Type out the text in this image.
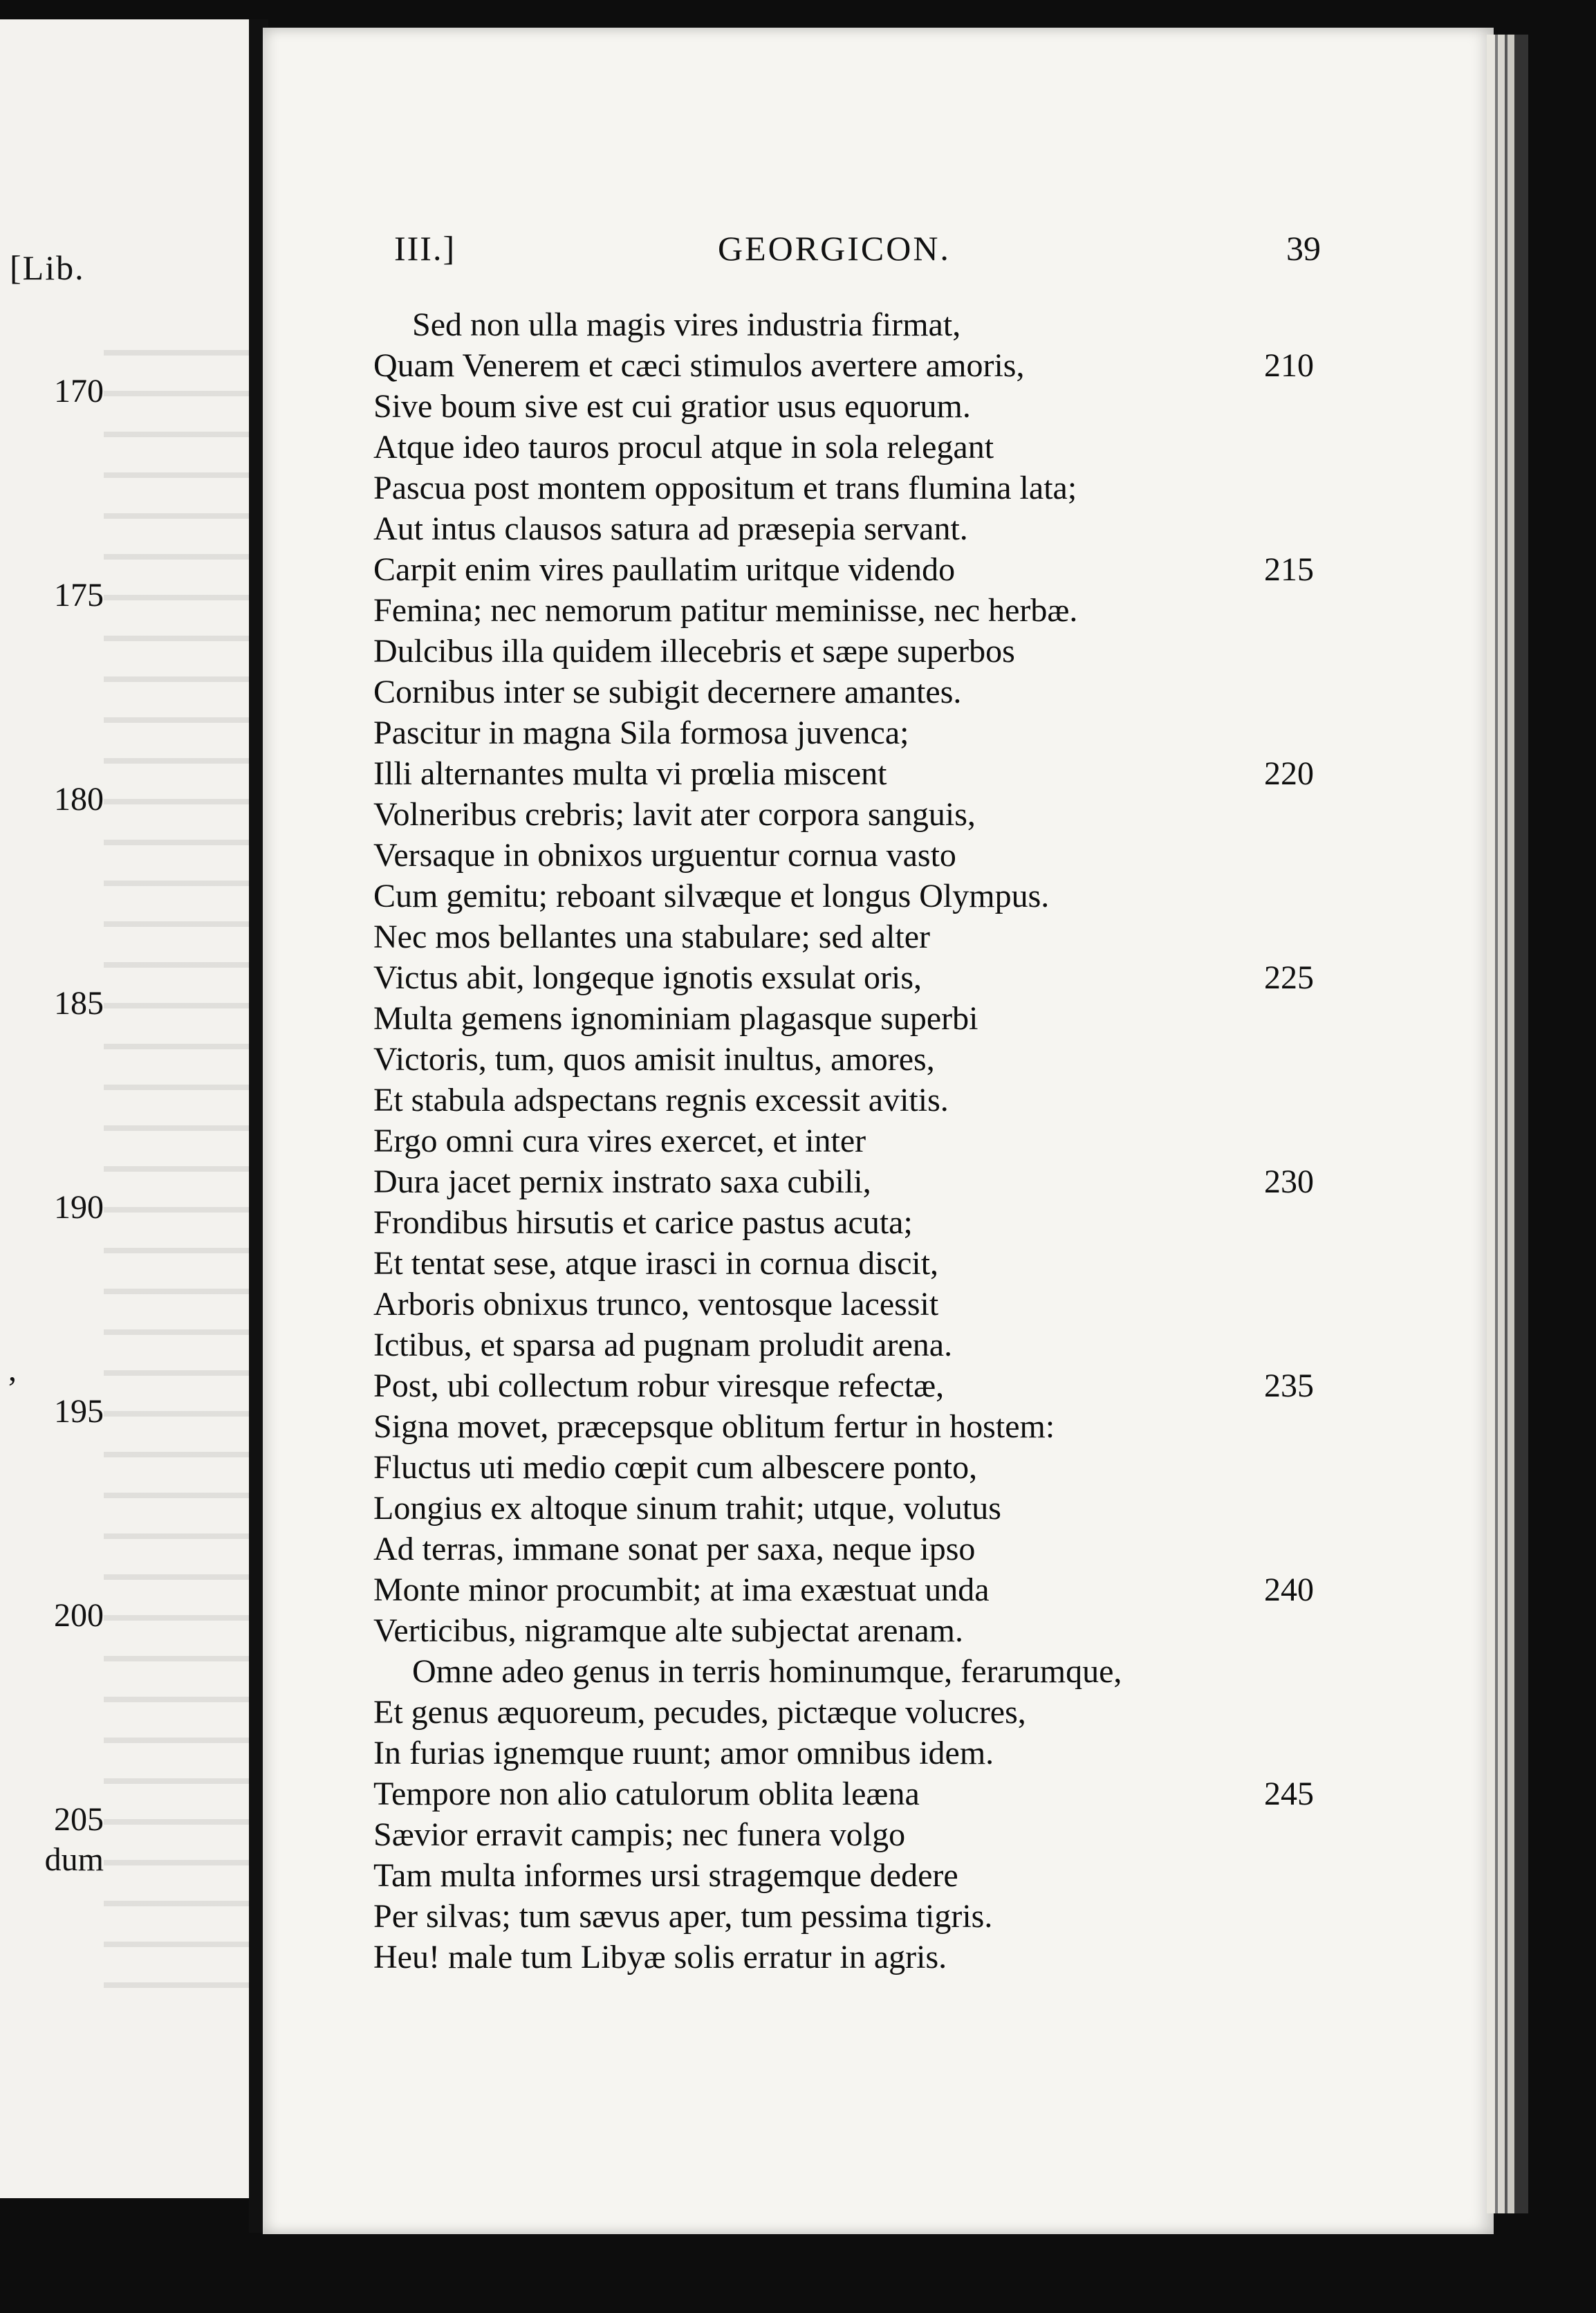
[Lib.
170
175
180
185
190
,
195
200
205
dum
III.]	GEORGICON.	39
Sed non ulla magis vires industria firmat,
Quam Venerem et cæci stimulos avertere amoris,	210
Sive boum sive est cui gratior usus equorum.
Atque ideo tauros procul atque in sola relegant
Pascua post montem oppositum et trans flumina lata;
Aut intus clausos satura ad præsepia servant.
Carpit enim vires paullatim uritque videndo	215
Femina; nec nemorum patitur meminisse, nec herbæ.
Dulcibus illa quidem illecebris et sæpe superbos
Cornibus inter se subigit decernere amantes.
Pascitur in magna Sila formosa juvenca;
Illi alternantes multa vi prœlia miscent	220
Volneribus crebris; lavit ater corpora sanguis,
Versaque in obnixos urguentur cornua vasto
Cum gemitu; reboant silvæque et longus Olympus.
Nec mos bellantes una stabulare; sed alter
Victus abit, longeque ignotis exsulat oris,	225
Multa gemens ignominiam plagasque superbi
Victoris, tum, quos amisit inultus, amores,
Et stabula adspectans regnis excessit avitis.
Ergo omni cura vires exercet, et inter
Dura jacet pernix instrato saxa cubili,	230
Frondibus hirsutis et carice pastus acuta;
Et tentat sese, atque irasci in cornua discit,
Arboris obnixus trunco, ventosque lacessit
Ictibus, et sparsa ad pugnam proludit arena.
Post, ubi collectum robur viresque refectæ,	235
Signa movet, præcepsque oblitum fertur in hostem:
Fluctus uti medio cœpit cum albescere ponto,
Longius ex altoque sinum trahit; utque, volutus
Ad terras, immane sonat per saxa, neque ipso
Monte minor procumbit; at ima exæstuat unda	240
Verticibus, nigramque alte subjectat arenam.
Omne adeo genus in terris hominumque, ferarumque,
Et genus æquoreum, pecudes, pictæque volucres,
In furias ignemque ruunt; amor omnibus idem.
Tempore non alio catulorum oblita leæna	245
Sævior erravit campis; nec funera volgo
Tam multa informes ursi stragemque dedere
Per silvas; tum sævus aper, tum pessima tigris.
Heu! male tum Libyæ solis erratur in agris.
